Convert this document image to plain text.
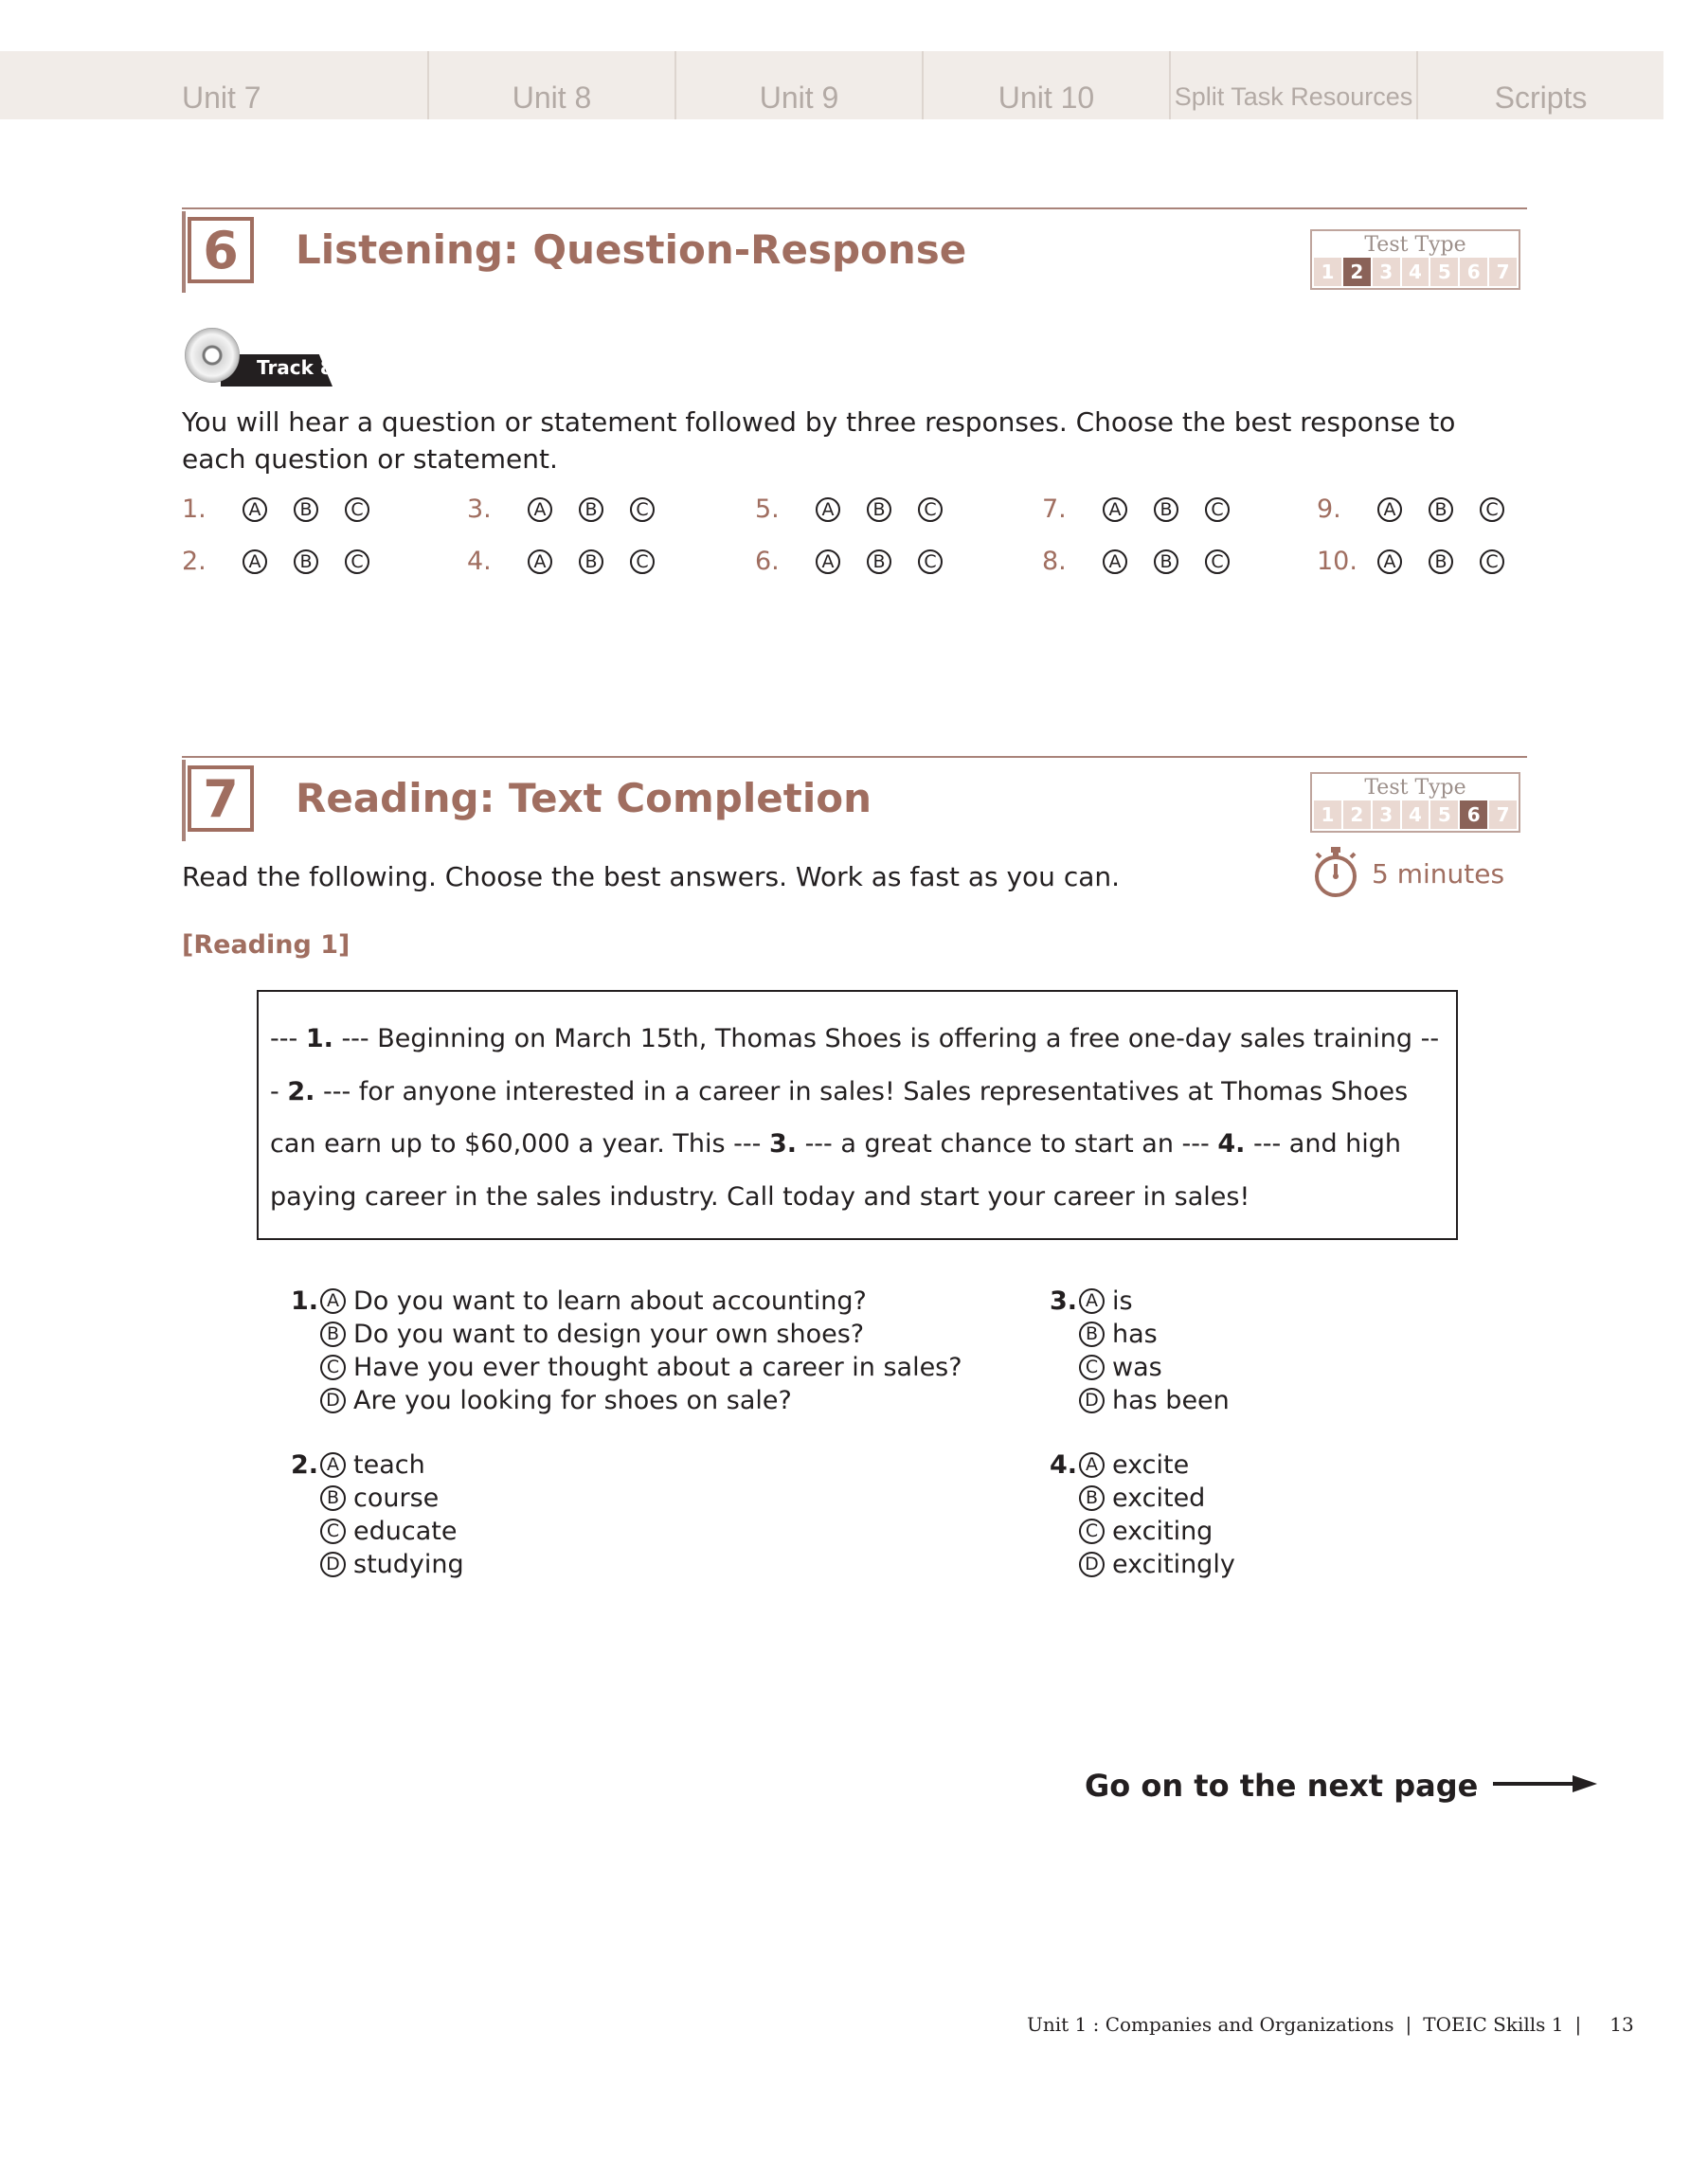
Unit 7	Unit 8	Unit 9	Unit 10	Split Task Resources	Scripts
6	Listening: Question-Response	Test Type
1 2 3 4 5 6 7
Track 8
You will hear a question or statement followed by three responses. Choose the best response to each question or statement.
1.	A	B	C
2.	A	B	C
3.	A	B	C
4.	A	B	C
5.	A	B	C
6.	A	B	C
7.	A	B	C
8.	A	B	C
9.	A	B	C
10.	A	B	C
7	Reading: Text Completion	Test Type
1 2 3 4 5 6 7
Read the following. Choose the best answers. Work as fast as you can.	5 minutes
[Reading 1]
--- 1. --- Beginning on March 15th, Thomas Shoes is offering a free one-day sales training --- 2. --- for anyone interested in a career in sales! Sales representatives at Thomas Shoes can earn up to $60,000 a year. This --- 3. --- a great chance to start an --- 4. --- and high paying career in the sales industry. Call today and start your career in sales!
1. A Do you want to learn about accounting?
B Do you want to design your own shoes?
C Have you ever thought about a career in sales?
D Are you looking for shoes on sale?
2. A teach
B course
C educate
D studying
3. A is
B has
C was
D has been
4. A excite
B excited
C exciting
D excitingly
Go on to the next page
Unit 1 : Companies and Organizations | TOEIC Skills 1 | 13
